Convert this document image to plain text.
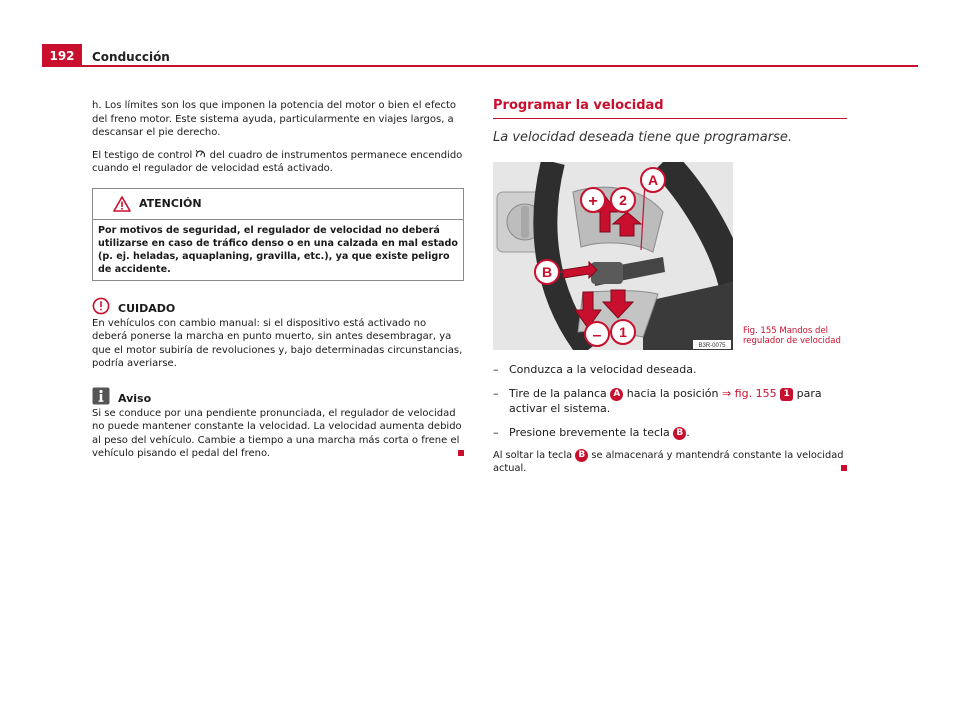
192	Conducción

h. Los límites son los que imponen la potencia del motor o bien el efecto del freno motor. Este sistema ayuda, particularmente en viajes largos, a descansar el pie derecho.

El testigo de control  del cuadro de instrumentos permanece encendido cuando el regulador de velocidad está activado.

ATENCIÓN
Por motivos de seguridad, el regulador de velocidad no deberá utilizarse en caso de tráfico denso o en una calzada en mal estado (p. ej. heladas, aquaplaning, gravilla, etc.), ya que existe peligro de accidente.
CUIDADO
En vehículos con cambio manual: si el dispositivo está activado no deberá ponerse la marcha en punto muerto, sin antes desembragar, ya que el motor subiría de revoluciones y, bajo determinadas circunstancias, podría averiarse.
Aviso
Si se conduce por una pendiente pronunciada, el regulador de velocidad no puede mantener constante la velocidad. La velocidad aumenta debido al peso del vehículo. Cambie a tiempo a una marcha más corta o frene el vehículo pisando el pedal del freno.
Programar la velocidad
La velocidad deseada tiene que programarse.
A
+ 2
B
– 1
B3R-0075
Fig. 155 Mandos del regulador de velocidad
– Conduzca a la velocidad deseada.
– Tire de la palanca A hacia la posición ⇒ fig. 155 1 para activar el sistema.
– Presione brevemente la tecla B .

Al soltar la tecla B se almacenará y mantendrá constante la velocidad actual.
